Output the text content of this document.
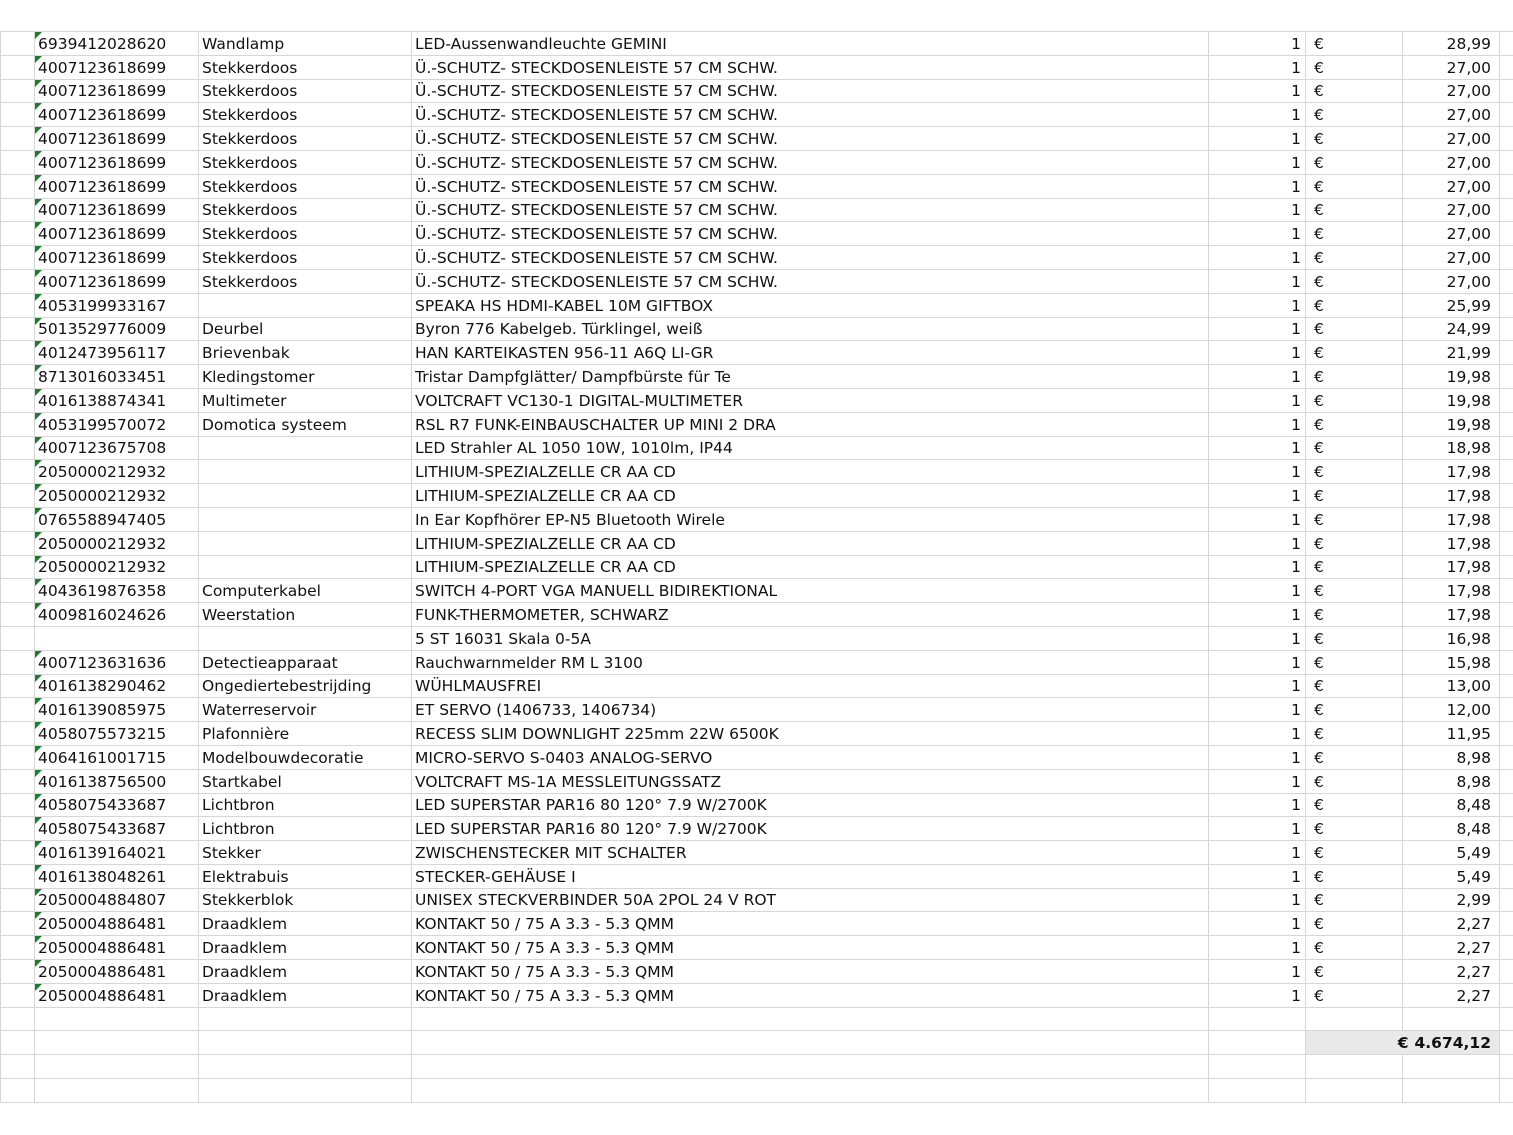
	6939412028620	Wandlamp	LED-Aussenwandleuchte GEMINI	1	€	28,99	
	4007123618699	Stekkerdoos	Ü.-SCHUTZ- STECKDOSENLEISTE 57 CM SCHW.	1	€	27,00	
	4007123618699	Stekkerdoos	Ü.-SCHUTZ- STECKDOSENLEISTE 57 CM SCHW.	1	€	27,00	
	4007123618699	Stekkerdoos	Ü.-SCHUTZ- STECKDOSENLEISTE 57 CM SCHW.	1	€	27,00	
	4007123618699	Stekkerdoos	Ü.-SCHUTZ- STECKDOSENLEISTE 57 CM SCHW.	1	€	27,00	
	4007123618699	Stekkerdoos	Ü.-SCHUTZ- STECKDOSENLEISTE 57 CM SCHW.	1	€	27,00	
	4007123618699	Stekkerdoos	Ü.-SCHUTZ- STECKDOSENLEISTE 57 CM SCHW.	1	€	27,00	
	4007123618699	Stekkerdoos	Ü.-SCHUTZ- STECKDOSENLEISTE 57 CM SCHW.	1	€	27,00	
	4007123618699	Stekkerdoos	Ü.-SCHUTZ- STECKDOSENLEISTE 57 CM SCHW.	1	€	27,00	
	4007123618699	Stekkerdoos	Ü.-SCHUTZ- STECKDOSENLEISTE 57 CM SCHW.	1	€	27,00	
	4007123618699	Stekkerdoos	Ü.-SCHUTZ- STECKDOSENLEISTE 57 CM SCHW.	1	€	27,00	
	4053199933167		SPEAKA HS HDMI-KABEL 10M GIFTBOX	1	€	25,99	
	5013529776009	Deurbel	Byron 776 Kabelgeb. Türklingel, weiß	1	€	24,99	
	4012473956117	Brievenbak	HAN KARTEIKASTEN 956-11 A6Q LI-GR	1	€	21,99	
	8713016033451	Kledingstomer	Tristar Dampfglätter/ Dampfbürste für Te	1	€	19,98	
	4016138874341	Multimeter	VOLTCRAFT VC130-1 DIGITAL-MULTIMETER	1	€	19,98	
	4053199570072	Domotica systeem	RSL R7 FUNK-EINBAUSCHALTER UP MINI 2 DRA	1	€	19,98	
	4007123675708		LED Strahler AL 1050 10W, 1010lm, IP44	1	€	18,98	
	2050000212932		LITHIUM-SPEZIALZELLE CR AA CD	1	€	17,98	
	2050000212932		LITHIUM-SPEZIALZELLE CR AA CD	1	€	17,98	
	0765588947405		In Ear Kopfhörer EP-N5 Bluetooth Wirele	1	€	17,98	
	2050000212932		LITHIUM-SPEZIALZELLE CR AA CD	1	€	17,98	
	2050000212932		LITHIUM-SPEZIALZELLE CR AA CD	1	€	17,98	
	4043619876358	Computerkabel	SWITCH 4-PORT VGA MANUELL BIDIREKTIONAL	1	€	17,98	
	4009816024626	Weerstation	FUNK-THERMOMETER, SCHWARZ	1	€	17,98	
			5 ST 16031 Skala 0-5A	1	€	16,98	
	4007123631636	Detectieapparaat	Rauchwarnmelder RM L 3100	1	€	15,98	
	4016138290462	Ongediertebestrijding	WÜHLMAUSFREI	1	€	13,00	
	4016139085975	Waterreservoir	ET SERVO (1406733, 1406734)	1	€	12,00	
	4058075573215	Plafonnière	RECESS SLIM DOWNLIGHT 225mm 22W 6500K	1	€	11,95	
	4064161001715	Modelbouwdecoratie	MICRO-SERVO S-0403 ANALOG-SERVO	1	€	8,98	
	4016138756500	Startkabel	VOLTCRAFT MS-1A MESSLEITUNGSSATZ	1	€	8,98	
	4058075433687	Lichtbron	LED SUPERSTAR PAR16 80 120° 7.9 W/2700K	1	€	8,48	
	4058075433687	Lichtbron	LED SUPERSTAR PAR16 80 120° 7.9 W/2700K	1	€	8,48	
	4016139164021	Stekker	ZWISCHENSTECKER MIT SCHALTER	1	€	5,49	
	4016138048261	Elektrabuis	STECKER-GEHÄUSE I	1	€	5,49	
	2050004884807	Stekkerblok	UNISEX STECKVERBINDER 50A 2POL 24 V ROT	1	€	2,99	
	2050004886481	Draadklem	KONTAKT 50 / 75 A 3.3 - 5.3 QMM	1	€	2,27	
	2050004886481	Draadklem	KONTAKT 50 / 75 A 3.3 - 5.3 QMM	1	€	2,27	
	2050004886481	Draadklem	KONTAKT 50 / 75 A 3.3 - 5.3 QMM	1	€	2,27	
	2050004886481	Draadklem	KONTAKT 50 / 75 A 3.3 - 5.3 QMM	1	€	2,27	

					€ 4.674,12		
